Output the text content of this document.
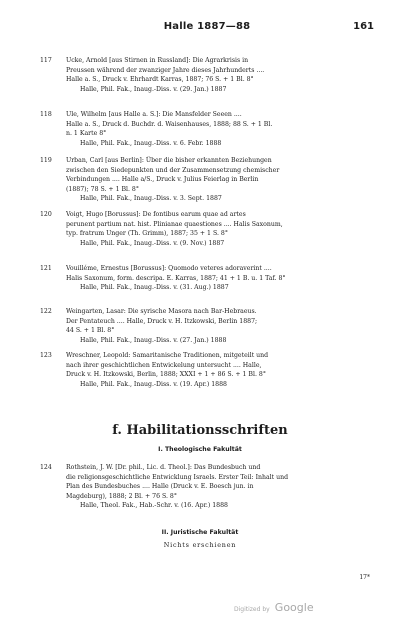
Halle 1887—88	161
117	Ucke, Arnold [aus Stirnen in Russland]: Die Agrarkrisis in
Preussen während der zwanziger Jahre dieses Jahrhunderts ....
Halle a. S., Druck v. Ehrhardt Karras, 1887; 76 S. + 1 Bl. 8°
Halle, Phil. Fak., Inaug.-Diss. v. (29. Jan.) 1887
118	Ule, Wilhelm [aus Halle a. S.]: Die Mansfelder Seeen ....
Halle a. S., Druck d. Buchdr. d. Waisenhauses, 1888; 88 S. + 1 Bl.
n. 1 Karte 8°
Halle, Phil. Fak., Inaug.-Diss. v. 6. Febr. 1888
119	Urban, Carl [aus Berlin]: Über die bisher erkannten Beziehungen
zwischen den Siedepunkten und der Zusammensetzung chemischer
Verbindungen .... Halle a/S., Druck v. Julius Feierlag in Berlin
(1887); 78 S. + 1 Bl. 8°
Halle, Phil. Fak., Inaug.-Diss. v. 3. Sept. 1887
120	Voigt, Hugo [Borussus]: De fontibus earum quae ad artes
perunent partium nat. hist. Plinianae quaestiones .... Halis Saxonum,
typ. fratrum Unger (Th. Grimm), 1887; 35 + 1 S. 8°
Halle, Phil. Fak., Inaug.-Diss. v. (9. Nov.) 1887
121	Vouilléme, Ernestus [Borussus]: Quomodo veteres adoraverint ....
Halis Saxonum, form. descripa. E. Karras, 1887; 41 + 1 B. u. 1 Taf. 8°
Halle, Phil. Fak., Inaug.-Diss. v. (31. Aug.) 1887
122	Weingarten, Lasar: Die syrische Masora nach Bar-Hebraeus.
Der Pentateuch .... Halle, Druck v. H. Itzkowski, Berlin 1887;
44 S. + 1 Bl. 8°
Halle, Phil. Fak., Inaug.-Diss. v. (27. Jan.) 1888
123	Wreschner, Leopold: Samaritanische Traditionen, mitgeteilt und
nach ihrer geschichtlichen Entwickelung untersucht .... Halle,
Druck v. H. Itzkowski, Berlin, 1888; XXXI + 1 + 86 S. + 1 Bl. 8°
Halle, Phil. Fak., Inaug.-Diss. v. (19. Apr.) 1888
f. Habilitationsschriften
I. Theologische Fakultät
124	Rothstein, J. W. [Dr. phil., Lic. d. Theol.]: Das Bundesbuch und
die religionsgeschichtliche Entwicklung Israels. Erster Teil: Inhalt und
Plan des Bundesbuches .... Halle (Druck v. E. Boesch jun. in
Magdeburg), 1888; 2 Bl. + 76 S. 8°
Halle, Theol. Fak., Hab.-Schr. v. (16. Apr.) 1888
II. Juristische Fakultät
Nichts erschienen
17*
Digitized by Google
